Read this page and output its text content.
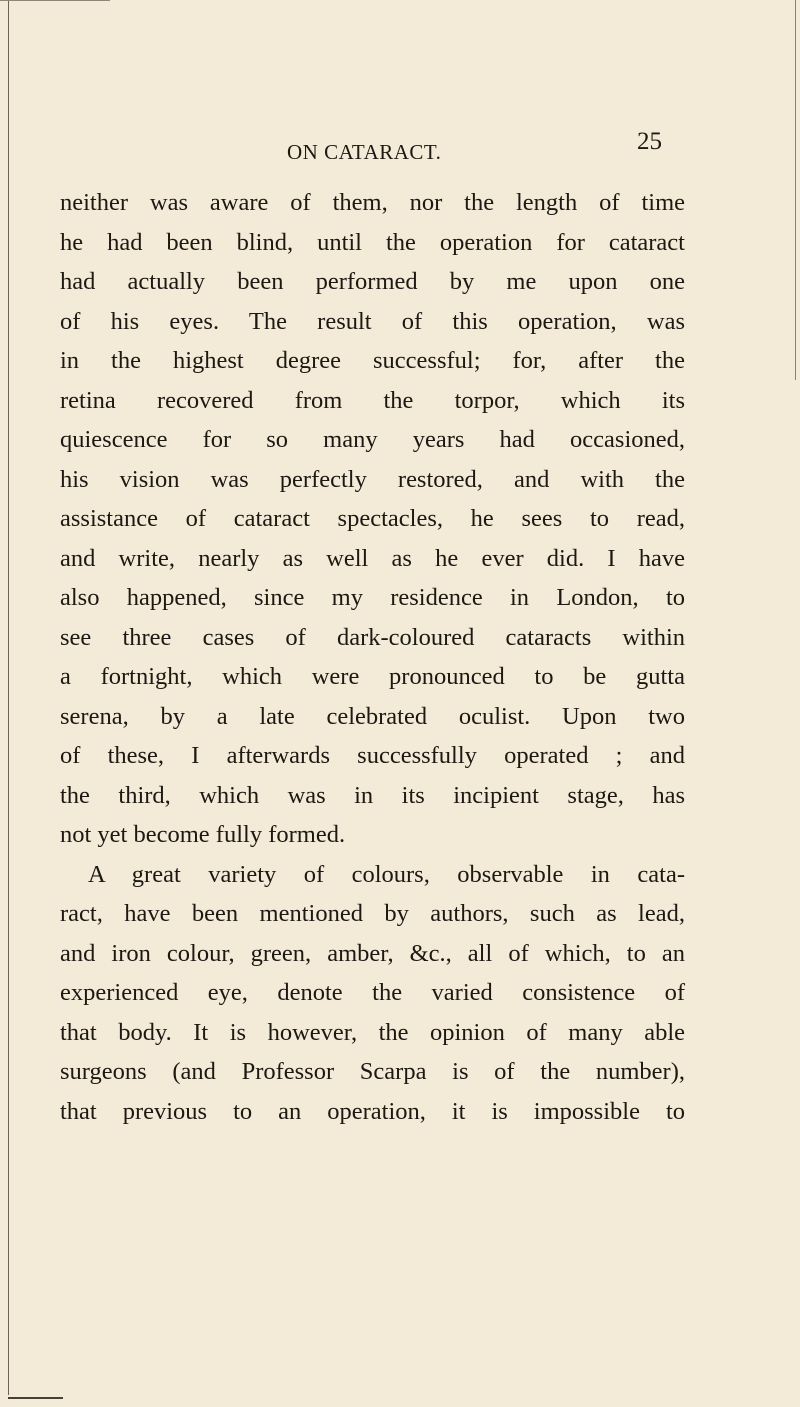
ON CATARACT.	25
neither was aware of them, nor the length of time
he had been blind, until the operation for cataract
had actually been performed by me upon one
of his eyes. The result of this operation, was
in the highest degree successful; for, after the
retina recovered from the torpor, which its
quiescence for so many years had occasioned,
his vision was perfectly restored, and with the
assistance of cataract spectacles, he sees to read,
and write, nearly as well as he ever did. I have
also happened, since my residence in London, to
see three cases of dark-coloured cataracts within
a fortnight, which were pronounced to be gutta
serena, by a late celebrated oculist. Upon two
of these, I afterwards successfully operated ; and
the third, which was in its incipient stage, has
not yet become fully formed.
A great variety of colours, observable in cata-
ract, have been mentioned by authors, such as lead,
and iron colour, green, amber, &c., all of which, to an
experienced eye, denote the varied consistence of
that body. It is however, the opinion of many able
surgeons (and Professor Scarpa is of the number),
that previous to an operation, it is impossible to
